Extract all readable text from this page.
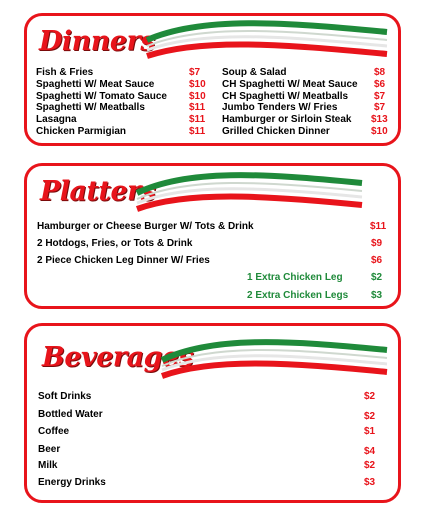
Dinners
Fish & Fries	$7
Spaghetti W/ Meat Sauce	$10
Spaghetti W/ Tomato Sauce $10
Spaghetti W/ Meatballs	$11
Lasagna	$11
Chicken Parmigian	$11
Soup & Salad	$8
CH Spaghetti W/ Meat Sauce $6
CH Spaghetti W/ Meatballs	$7
Jumbo Tenders W/ Fries	$7
Hamburger or Sirloin Steak $13
Grilled Chicken Dinner	$10
Platters
Hamburger or Cheese Burger W/ Tots & Drink	$11
2 Hotdogs, Fries, or Tots & Drink	$9
2 Piece Chicken Leg Dinner W/ Fries	$6
1 Extra Chicken Leg	$2
2 Extra Chicken Legs $3
Beverages
Soft Drinks	$2
Bottled Water	$2
Coffee	$1
Beer	$4
Milk	$2
Energy Drinks	$3
